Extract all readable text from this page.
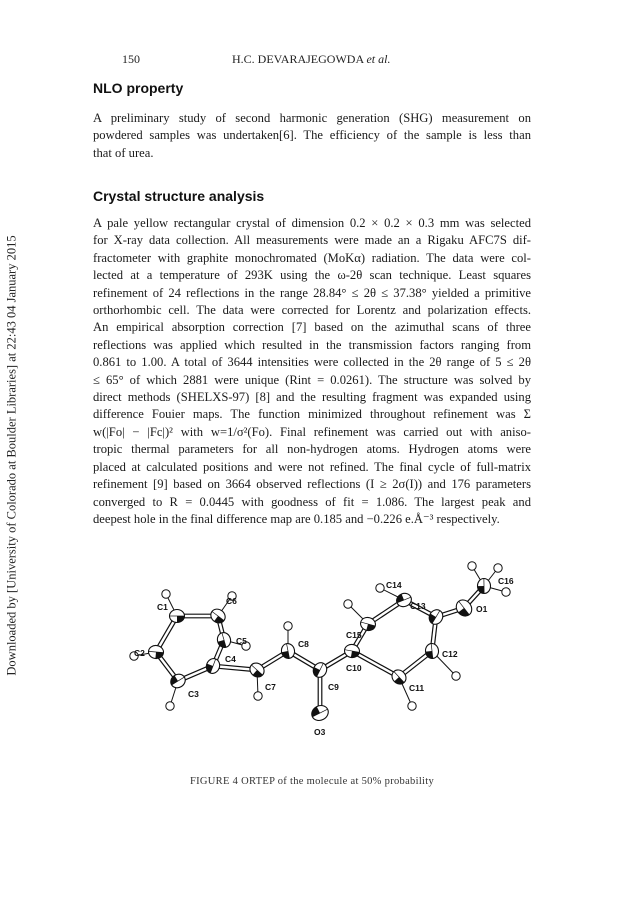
150	H.C. DEVARAJEGOWDA et al.
Downloaded by [University of Colorado at Boulder Libraries] at 22:43 04 January 2015
NLO property
A preliminary study of second harmonic generation (SHG) measurement on
powdered samples was undertaken[6]. The efficiency of the sample is less than
that of urea.
Crystal structure analysis
A pale yellow rectangular crystal of dimension 0.2 × 0.2 × 0.3 mm was selected
for X-ray data collection. All measurements were made an a Rigaku AFC7S dif-
fractometer with graphite monochromated (MoKα) radiation. The data were col-
lected at a temperature of 293K using the ω-2θ scan technique. Least squares
refinement of 24 reflections in the range 28.84° ≤ 2θ ≤ 37.38° yielded a primitive
orthorhombic cell. The data were corrected for Lorentz and polarization effects.
An empirical absorption correction [7] based on the azimuthal scans of three
reflections was applied which resulted in the transmission factors ranging from
0.861 to 1.00. A total of 3644 intensities were collected in the 2θ range of 5 ≤ 2θ
≤ 65° of which 2881 were unique (Rint = 0.0261). The structure was solved by
direct methods (SHELXS-97) [8] and the resulting fragment was expanded using
difference Fouier maps. The function minimized throughout refinement was Σ
w(|Fo| − |Fc|)² with w=1/σ²(Fo). Final refinement was carried out with aniso-
tropic thermal parameters for all non-hydrogen atoms. Hydrogen atoms were
placed at calculated positions and were not refined. The final cycle of full-matrix
refinement [9] based on 3664 observed reflections (I ≥ 2σ(I)) and 176 parameters
converged to R = 0.0445 with goodness of fit = 1.086. The largest peak and
deepest hole in the final difference map are 0.185 and −0.226 e.Å⁻³ respectively.
C1
C2
C3
C4
C5
C6
C7
C8
C9
C10
C11
C12
C13
C14
C15
C16
O1
O3
FIGURE 4 ORTEP of the molecule at 50% probability
